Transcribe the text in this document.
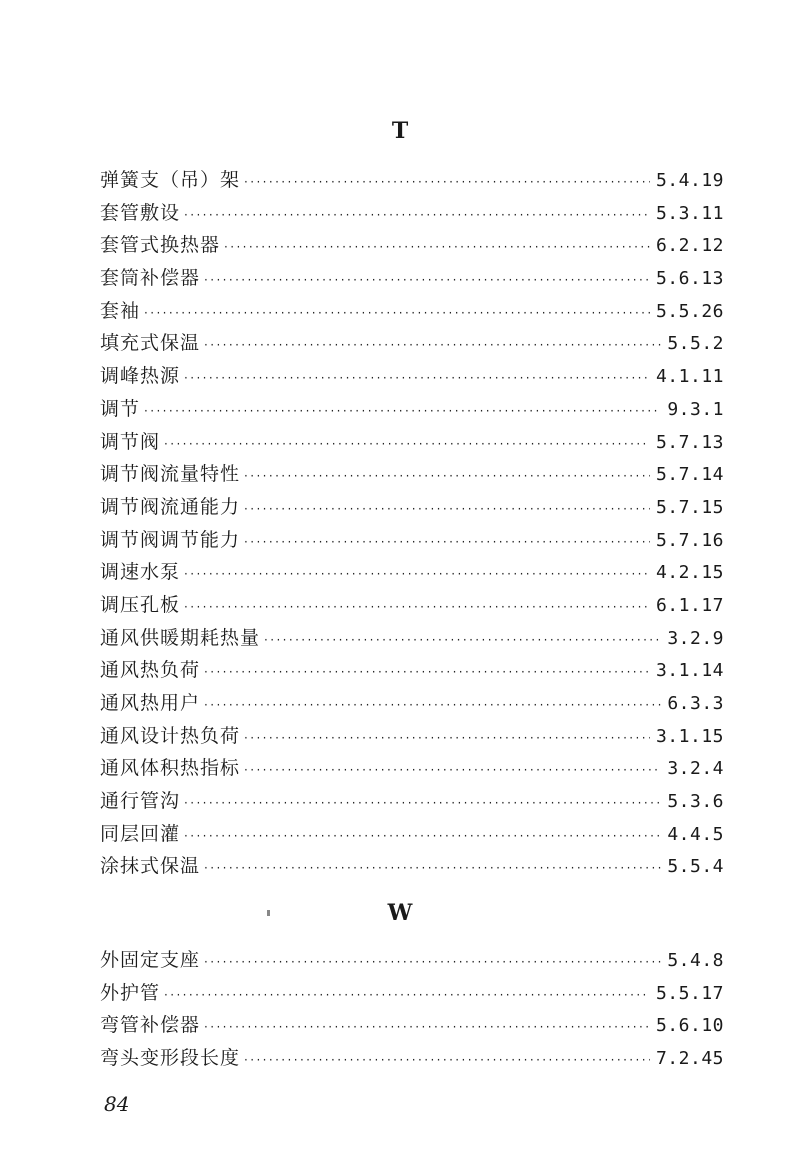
T
弹簧支（吊）架 ·····	5.4.19
套管敷设 ·····	5.3.11
套管式换热器 ·····	6.2.12
套筒补偿器 ·····	5.6.13
套袖 ·····	5.5.26
填充式保温 ·····	5.5.2
调峰热源 ·····	4.1.11
调节 ·····	9.3.1
调节阀 ·····	5.7.13
调节阀流量特性 ·····	5.7.14
调节阀流通能力 ·····	5.7.15
调节阀调节能力 ·····	5.7.16
调速水泵 ·····	4.2.15
调压孔板 ·····	6.1.17
通风供暖期耗热量 ·····	3.2.9
通风热负荷 ·····	3.1.14
通风热用户 ·····	6.3.3
通风设计热负荷 ·····	3.1.15
通风体积热指标 ·····	3.2.4
通行管沟 ·····	5.3.6
同层回灌 ·····	4.4.5
涂抹式保温 ·····	5.5.4
W
外固定支座 ·····	5.4.8
外护管 ·····	5.5.17
弯管补偿器 ·····	5.6.10
弯头变形段长度 ·····	7.2.45
84
